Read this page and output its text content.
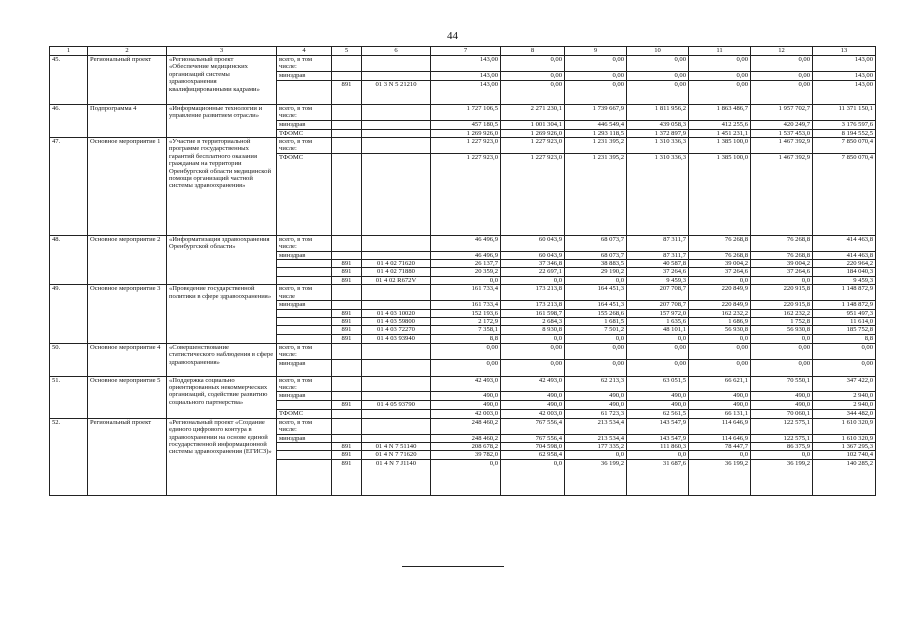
44
1	2	3	4	5	6	7	8	9	10	11	12	13
45.	Региональный проект	«Региональный проект «Обеспечение медицинских организаций системы здравоохранения квалифицированными кадрами»	всего, в том числе:			143,00	0,00	0,00	0,00	0,00	0,00	143,00
			минздрав			143,00	0,00	0,00	0,00	0,00	0,00	143,00
				891	01 3 N 5 21210	143,00	0,00	0,00	0,00	0,00	0,00	143,00
46.	Подпрограмма 4	«Информационные технологии и управление развитием отрасли»	всего, в том числе:			1 727 106,5	2 271 230,1	1 739 667,9	1 811 956,2	1 863 486,7	1 957 702,7	11 371 150,1
			минздрав			457 180,5	1 001 304,1	446 549,4	439 058,3	412 255,6	420 249,7	3 176 597,6
			ТФОМС			1 269 926,0	1 269 926,0	1 293 118,5	1 372 897,9	1 451 231,1	1 537 453,0	8 194 552,5
47.	Основное мероприятие 1	«Участие в территориальной программе государственных гарантий бесплатного оказания гражданам на территории Оренбургской области медицинской помощи организаций частной системы здравоохранения»	всего, в том числе:			1 227 923,0	1 227 923,0	1 231 395,2	1 310 336,3	1 385 100,0	1 467 392,9	7 850 070,4
			ТФОМС			1 227 923,0	1 227 923,0	1 231 395,2	1 310 336,3	1 385 100,0	1 467 392,9	7 850 070,4
48.	Основное мероприятие 2	«Информатизация здравоохранения Оренбургской области»	всего, в том числе:			46 496,9	60 043,9	68 073,7	87 311,7	76 268,8	76 268,8	414 463,8
			минздрав			46 496,9	60 043,9	68 073,7	87 311,7	76 268,8	76 268,8	414 463,8
				891	01 4 02 71620	26 137,7	37 346,8	38 883,5	40 587,8	39 004,2	39 004,2	220 964,2
				891	01 4 02 71880	20 359,2	22 697,1	29 190,2	37 264,6	37 264,6	37 264,6	184 040,3
				891	01 4 02 R672V	0,0	0,0	0,0	9 459,3	0,0	0,0	9 459,3
49.	Основное мероприятие 3	«Проведение государственной политики в сфере здравоохранения»	всего, в том числе			161 733,4	173 213,8	164 451,3	207 708,7	220 849,9	220 915,8	1 148 872,9
			минздрав			161 733,4	173 213,8	164 451,3	207 708,7	220 849,9	220 915,8	1 148 872,9
				891	01 4 03 10020	152 193,6	161 598,7	155 268,6	157 972,0	162 232,2	162 232,2	951 497,3
				891	01 4 03 59800	2 172,9	2 684,3	1 681,5	1 635,6	1 686,9	1 752,8	11 614,0
				891	01 4 03 72270	7 358,1	8 930,8	7 501,2	48 101,1	56 930,8	56 930,8	185 752,8
				891	01 4 03 93940	8,8	0,0	0,0	0,0	0,0	0,0	8,8
50.	Основное мероприятие 4	«Совершенствование статистического наблюдения в сфере здравоохранения»	всего, в том числе:			0,00	0,00	0,00	0,00	0,00	0,00	0,00
			минздрав			0,00	0,00	0,00	0,00	0,00	0,00	0,00
51.	Основное мероприятие 5	«Поддержка социально ориентированных некоммерческих организаций, содействие развитию социального партнерства»	всего, в том числе:			42 493,0	42 493,0	62 213,3	63 051,5	66 621,1	70 550,1	347 422,0
			минздрав			490,0	490,0	490,0	490,0	490,0	490,0	2 940,0
				891	01 4 05 93790	490,0	490,0	490,0	490,0	490,0	490,0	2 940,0
			ТФОМС			42 003,0	42 003,0	61 723,3	62 561,5	66 131,1	70 060,1	344 482,0
52.	Региональный проект	«Региональный проект «Создание единого цифрового контура в здравоохранении на основе единой государственной информационной системы здравоохранения (ЕГИСЗ)»	всего, в том числе:			248 460,2	767 556,4	213 534,4	143 547,9	114 646,9	122 575,1	1 610 320,9
			минздрав			248 460,2	767 556,4	213 534,4	143 547,9	114 646,9	122 575,1	1 610 320,9
				891	01 4 N 7 51140	208 678,2	704 598,0	177 335,2	111 860,3	78 447,7	86 375,9	1 367 295,3
				891	01 4 N 7 71620	39 782,0	62 958,4	0,0	0,0	0,0	0,0	102 740,4
				891	01 4 N 7 J1140	0,0	0,0	36 199,2	31 687,6	36 199,2	36 199,2	140 285,2
